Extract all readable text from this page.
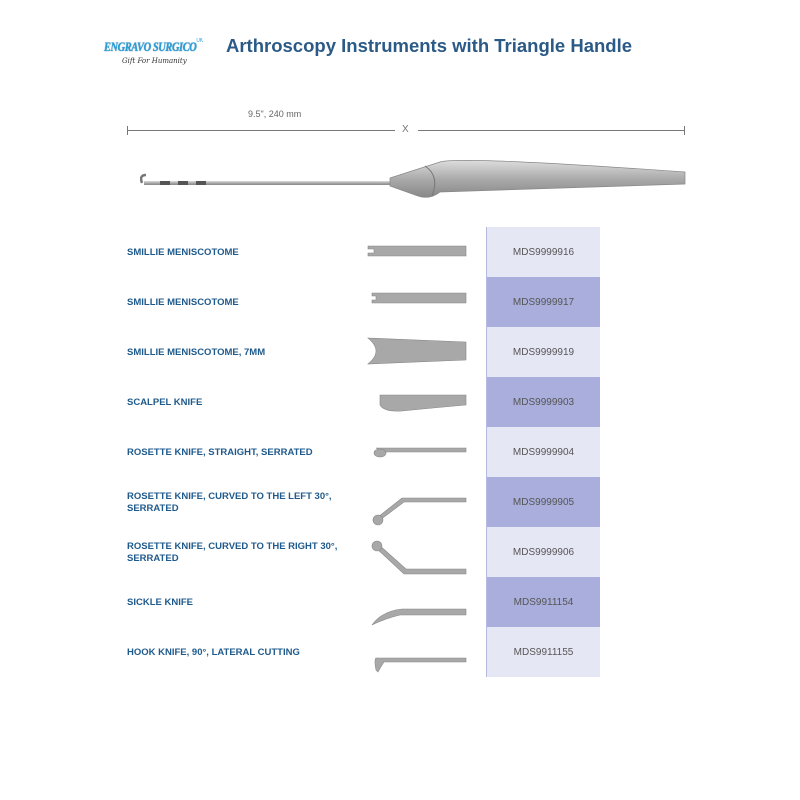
ENGRAVO $SURGICO^{UK}$
Gift For Humanity
Arthroscopy Instruments with Triangle Handle
9.5", 240 mm
X
MDS9999916
MDS9999917
MDS9999919
MDS9999903
MDS9999904
MDS9999905
MDS9999906
MDS9911154
MDS9911155
SMILLIE MENISCOTOME
SMILLIE MENISCOTOME
SMILLIE MENISCOTOME, 7MM
SCALPEL KNIFE
ROSETTE KNIFE, STRAIGHT, SERRATED
ROSETTE KNIFE, CURVED TO THE LEFT 30°, SERRATED
ROSETTE KNIFE, CURVED TO THE RIGHT 30°, SERRATED
SICKLE KNIFE
HOOK KNIFE, 90°, LATERAL CUTTING
